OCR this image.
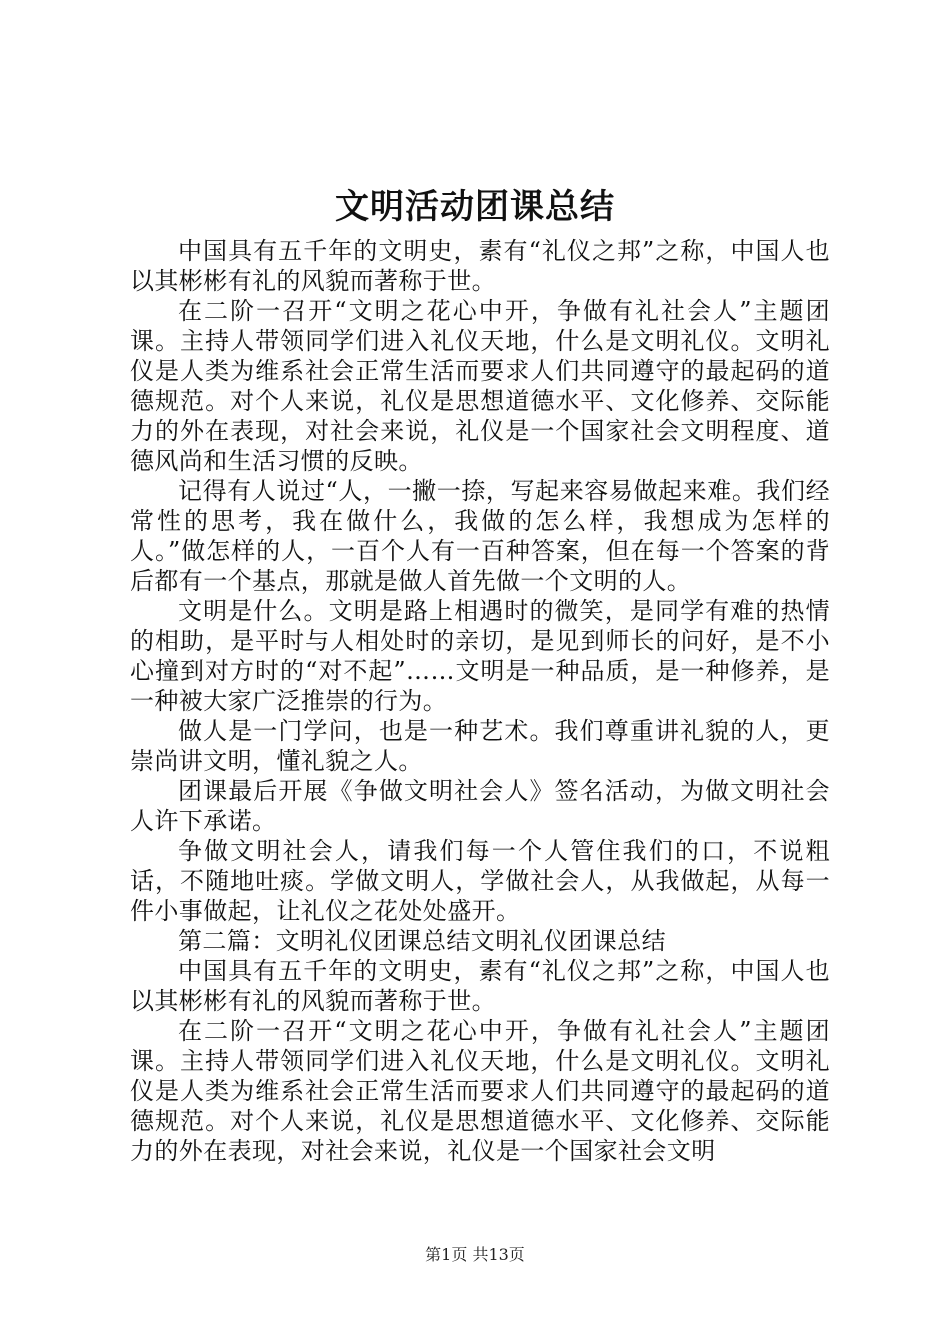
文明活动团课总结

中国具有五千年的文明史，素有“礼仪之邦”之称，中国人也以其彬彬有礼的风貌而著称于世。

在二阶一召开“文明之花心中开，争做有礼社会人”主题团课。主持人带领同学们进入礼仪天地，什么是文明礼仪。文明礼仪是人类为维系社会正常生活而要求人们共同遵守的最起码的道德规范。对个人来说，礼仪是思想道德水平、文化修养、交际能力的外在表现，对社会来说，礼仪是一个国家社会文明程度、道德风尚和生活习惯的反映。

记得有人说过“人，一撇一捺，写起来容易做起来难。我们经常性的思考，我在做什么，我做的怎么样，我想成为怎样的人。”做怎样的人，一百个人有一百种答案，但在每一个答案的背后都有一个基点，那就是做人首先做一个文明的人。

文明是什么。文明是路上相遇时的微笑，是同学有难的热情的相助，是平时与人相处时的亲切，是见到师长的问好，是不小心撞到对方时的“对不起”……文明是一种品质，是一种修养，是一种被大家广泛推崇的行为。

做人是一门学问，也是一种艺术。我们尊重讲礼貌的人，更崇尚讲文明，懂礼貌之人。

团课最后开展《争做文明社会人》签名活动，为做文明社会人许下承诺。

争做文明社会人，请我们每一个人管住我们的口，不说粗话，不随地吐痰。学做文明人，学做社会人，从我做起，从每一件小事做起，让礼仪之花处处盛开。

第二篇：文明礼仪团课总结文明礼仪团课总结

中国具有五千年的文明史，素有“礼仪之邦”之称，中国人也以其彬彬有礼的风貌而著称于世。

在二阶一召开“文明之花心中开，争做有礼社会人”主题团课。主持人带领同学们进入礼仪天地，什么是文明礼仪。文明礼仪是人类为维系社会正常生活而要求人们共同遵守的最起码的道德规范。对个人来说，礼仪是思想道德水平、文化修养、交际能力的外在表现，对社会来说，礼仪是一个国家社会文明

第1页 共13页
